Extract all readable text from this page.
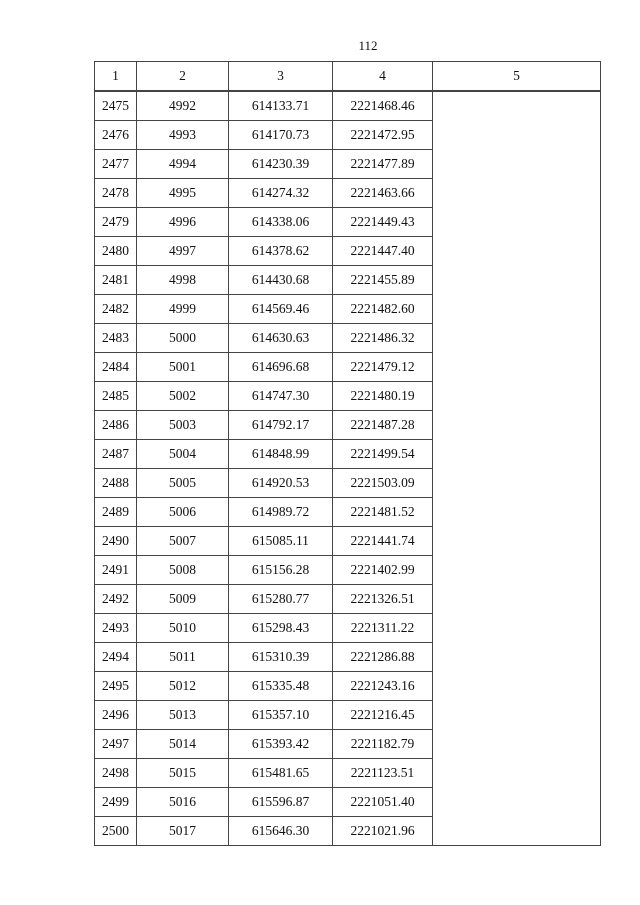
112
1	2	3	4	5
2475	4992	614133.71	2221468.46	
2476	4993	614170.73	2221472.95	
2477	4994	614230.39	2221477.89	
2478	4995	614274.32	2221463.66	
2479	4996	614338.06	2221449.43	
2480	4997	614378.62	2221447.40	
2481	4998	614430.68	2221455.89	
2482	4999	614569.46	2221482.60	
2483	5000	614630.63	2221486.32	
2484	5001	614696.68	2221479.12	
2485	5002	614747.30	2221480.19	
2486	5003	614792.17	2221487.28	
2487	5004	614848.99	2221499.54	
2488	5005	614920.53	2221503.09	
2489	5006	614989.72	2221481.52	
2490	5007	615085.11	2221441.74	
2491	5008	615156.28	2221402.99	
2492	5009	615280.77	2221326.51	
2493	5010	615298.43	2221311.22	
2494	5011	615310.39	2221286.88	
2495	5012	615335.48	2221243.16	
2496	5013	615357.10	2221216.45	
2497	5014	615393.42	2221182.79	
2498	5015	615481.65	2221123.51	
2499	5016	615596.87	2221051.40	
2500	5017	615646.30	2221021.96	
